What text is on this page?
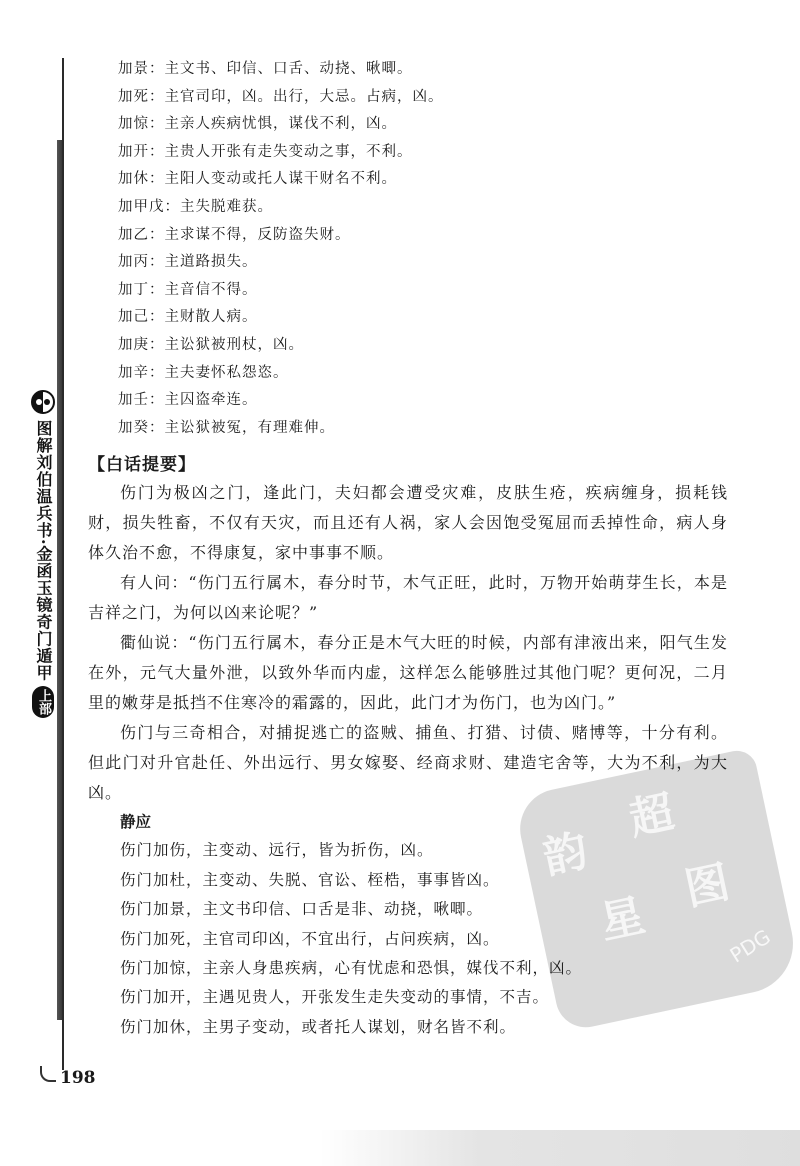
图解刘伯温兵书·金函玉镜奇门遁甲
上部
韵
超
星
图
PDG
加景：主文书、印信、口舌、动挠、啾唧。
加死：主官司印，凶。出行，大忌。占病，凶。
加惊：主亲人疾病忧惧，谋伐不利，凶。
加开：主贵人开张有走失变动之事，不利。
加休：主阳人变动或托人谋干财名不利。
加甲戊：主失脱难获。
加乙：主求谋不得，反防盗失财。
加丙：主道路损失。
加丁：主音信不得。
加己：主财散人病。
加庚：主讼狱被刑杖，凶。
加辛：主夫妻怀私怨恣。
加壬：主囚盗牵连。
加癸：主讼狱被冤，有理难伸。
【白话提要】

伤门为极凶之门，逢此门，夫妇都会遭受灾难，皮肤生疮，疾病缠身，损耗钱财，损失牲畜，不仅有天灾，而且还有人祸，家人会因饱受冤屈而丢掉性命，病人身体久治不愈，不得康复，家中事事不顺。

有人问：“伤门五行属木，春分时节，木气正旺，此时，万物开始萌芽生长，本是吉祥之门，为何以凶来论呢？”

衢仙说：“伤门五行属木，春分正是木气大旺的时候，内部有津液出来，阳气生发在外，元气大量外泄，以致外华而内虚，这样怎么能够胜过其他门呢？更何况，二月里的嫩芽是抵挡不住寒冷的霜露的，因此，此门才为伤门，也为凶门。”

伤门与三奇相合，对捕捉逃亡的盗贼、捕鱼、打猎、讨债、赌博等，十分有利。但此门对升官赴任、外出远行、男女嫁娶、经商求财、建造宅舍等，大为不利，为大凶。

静应
伤门加伤，主变动、远行，皆为折伤，凶。
伤门加杜，主变动、失脱、官讼、桎梏，事事皆凶。
伤门加景，主文书印信、口舌是非、动挠，啾唧。
伤门加死，主官司印凶，不宜出行，占问疾病，凶。
伤门加惊，主亲人身患疾病，心有忧虑和恐惧，媒伐不利，凶。
伤门加开，主遇见贵人，开张发生走失变动的事情，不吉。
伤门加休，主男子变动，或者托人谋划，财名皆不利。
198
